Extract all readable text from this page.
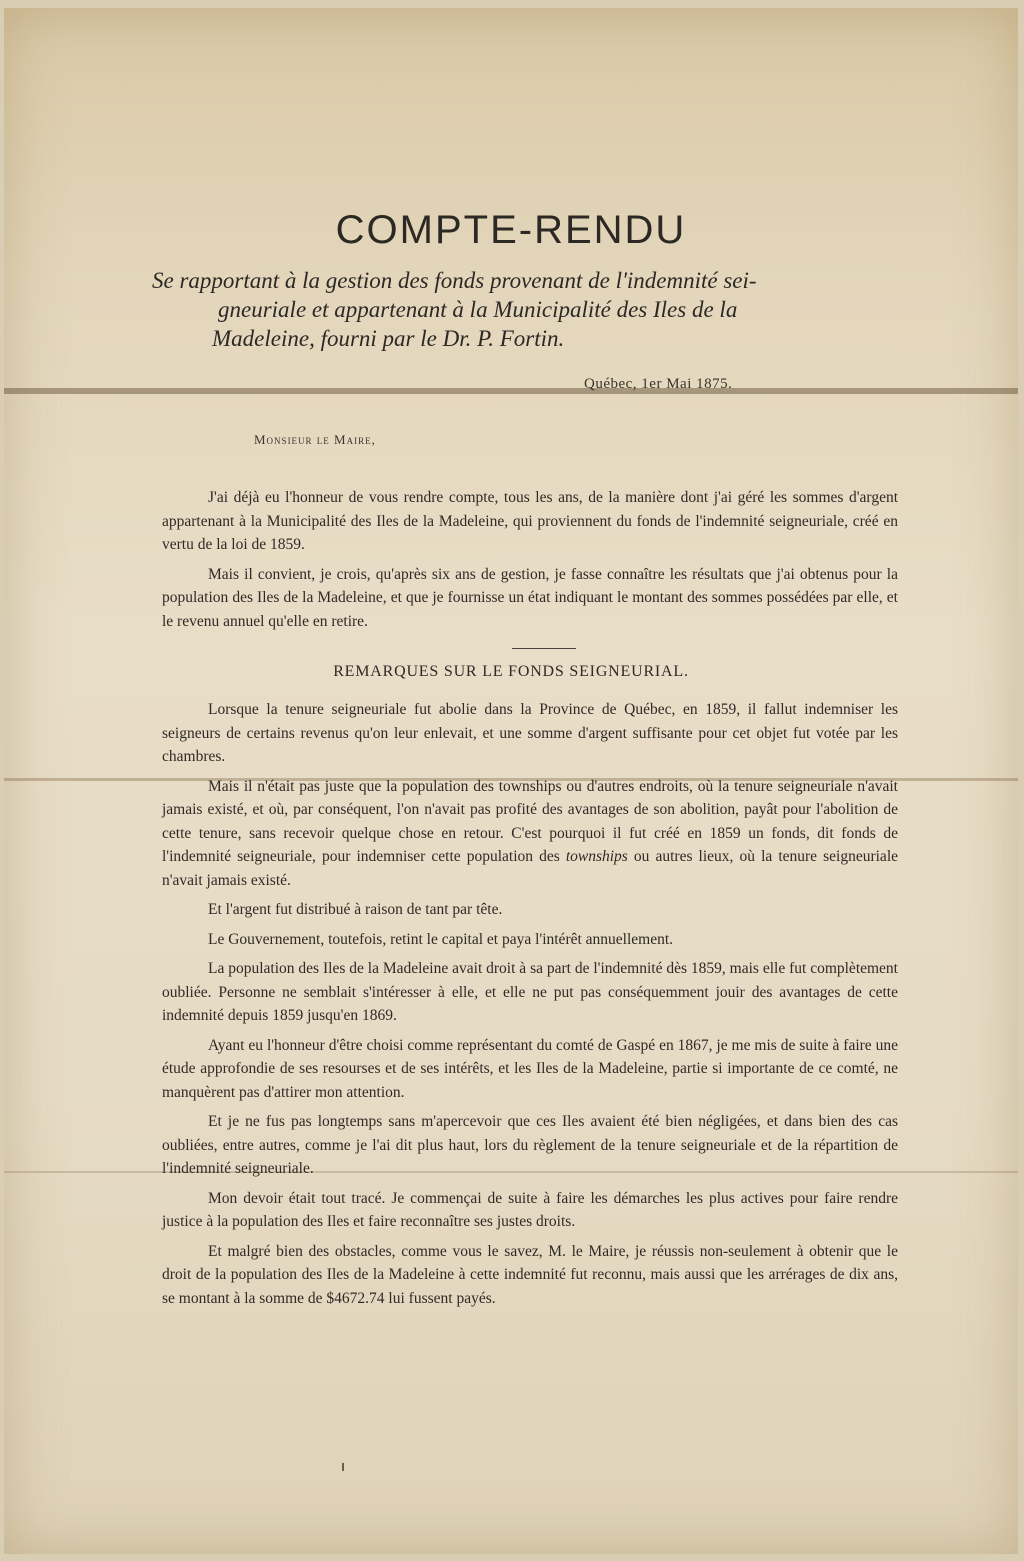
COMPTE-RENDU
Se rapportant à la gestion des fonds provenant de l'indemnité sei-
gneuriale et appartenant à la Municipalité des Iles de la
Madeleine, fourni par le Dr. P. Fortin.
Québec, 1er Mai 1875.
Monsieur le Maire,

J'ai déjà eu l'honneur de vous rendre compte, tous les ans, de la manière dont j'ai géré les sommes d'argent appartenant à la Municipalité des Iles de la Madeleine, qui proviennent du fonds de l'indemnité seigneuriale, créé en vertu de la loi de 1859.

Mais il convient, je crois, qu'après six ans de gestion, je fasse connaître les résultats que j'ai obtenus pour la population des Iles de la Madeleine, et que je fournisse un état indiquant le montant des sommes possédées par elle, et le revenu annuel qu'elle en retire.

REMARQUES SUR LE FONDS SEIGNEURIAL.

Lorsque la tenure seigneuriale fut abolie dans la Province de Québec, en 1859, il fallut indemniser les seigneurs de certains revenus qu'on leur enlevait, et une somme d'argent suffisante pour cet objet fut votée par les chambres.

Mais il n'était pas juste que la population des townships ou d'autres endroits, où la tenure seigneuriale n'avait jamais existé, et où, par conséquent, l'on n'avait pas profité des avantages de son abolition, payât pour l'abolition de cette tenure, sans recevoir quelque chose en retour. C'est pourquoi il fut créé en 1859 un fonds, dit fonds de l'indemnité seigneuriale, pour indemniser cette population des townships ou autres lieux, où la tenure seigneuriale n'avait jamais existé.

Et l'argent fut distribué à raison de tant par tête.

Le Gouvernement, toutefois, retint le capital et paya l'intérêt annuellement.

La population des Iles de la Madeleine avait droit à sa part de l'indemnité dès 1859, mais elle fut complètement oubliée. Personne ne semblait s'intéresser à elle, et elle ne put pas conséquemment jouir des avantages de cette indemnité depuis 1859 jusqu'en 1869.

Ayant eu l'honneur d'être choisi comme représentant du comté de Gaspé en 1867, je me mis de suite à faire une étude approfondie de ses resourses et de ses intérêts, et les Iles de la Madeleine, partie si importante de ce comté, ne manquèrent pas d'attirer mon attention.

Et je ne fus pas longtemps sans m'apercevoir que ces Iles avaient été bien négligées, et dans bien des cas oubliées, entre autres, comme je l'ai dit plus haut, lors du règlement de la tenure seigneuriale et de la répartition de l'indemnité seigneuriale.

Mon devoir était tout tracé. Je commençai de suite à faire les démarches les plus actives pour faire rendre justice à la population des Iles et faire reconnaître ses justes droits.

Et malgré bien des obstacles, comme vous le savez, M. le Maire, je réussis non-seulement à obtenir que le droit de la population des Iles de la Madeleine à cette indemnité fut reconnu, mais aussi que les arrérages de dix ans, se montant à la somme de $4672.74 lui fussent payés.
